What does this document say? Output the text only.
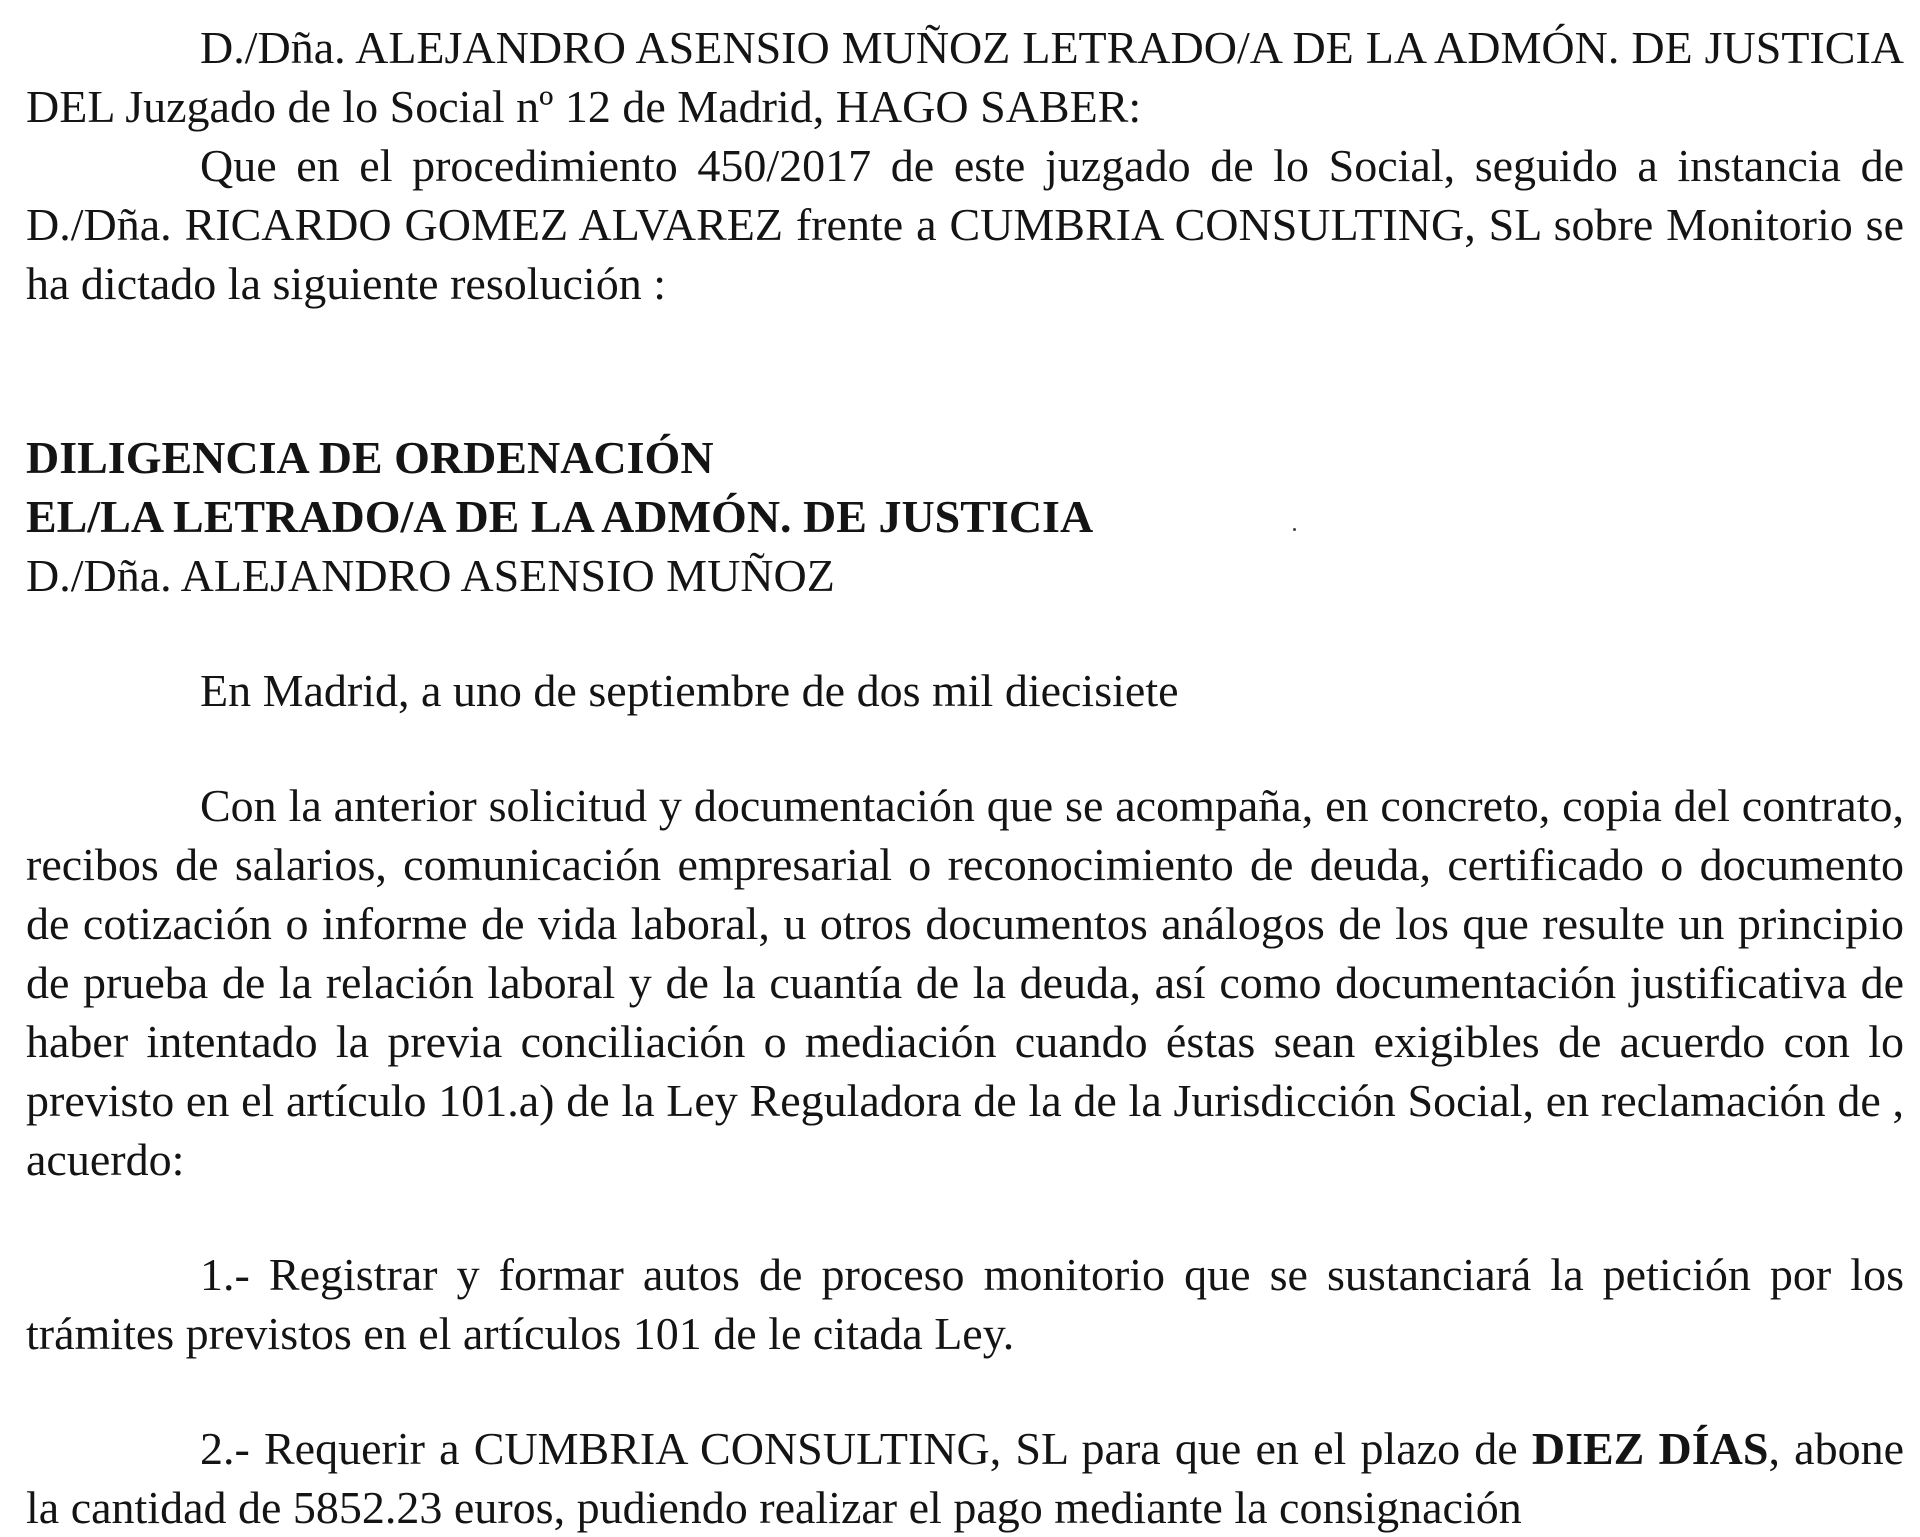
D./Dña. ALEJANDRO ASENSIO MUÑOZ LETRADO/A DE LA ADMÓN. DE JUSTICIA DEL Juzgado de lo Social nº 12 de Madrid, HAGO SABER:

Que en el procedimiento 450/2017 de este juzgado de lo Social, seguido a instancia de D./Dña. RICARDO GOMEZ ALVAREZ frente a CUMBRIA CONSULTING, SL sobre Monitorio se ha dictado la siguiente resolución :

DILIGENCIA DE ORDENACIÓN

EL/LA LETRADO/A DE LA ADMÓN. DE JUSTICIA

D./Dña. ALEJANDRO ASENSIO MUÑOZ

En Madrid, a uno de septiembre de dos mil diecisiete

Con la anterior solicitud y documentación que se acompaña, en concreto, copia del contrato, recibos de salarios, comunicación empresarial o reconocimiento de deuda, certificado o documento de cotización o informe de vida laboral, u otros documentos análogos de los que resulte un principio de prueba de la relación laboral y de la cuantía de la deuda, así como documentación justificativa de haber intentado la previa conciliación o mediación cuando éstas sean exigibles de acuerdo con lo previsto en el artículo 101.a) de la Ley Reguladora de la de la Jurisdicción Social, en reclamación de , acuerdo:

1.- Registrar y formar autos de proceso monitorio que se sustanciará la petición por los trámites previstos en el artículos 101 de le citada Ley.

2.- Requerir a CUMBRIA CONSULTING, SL para que en el plazo de DIEZ DÍAS, abone la cantidad de 5852.23 euros, pudiendo realizar el pago mediante la consignación
